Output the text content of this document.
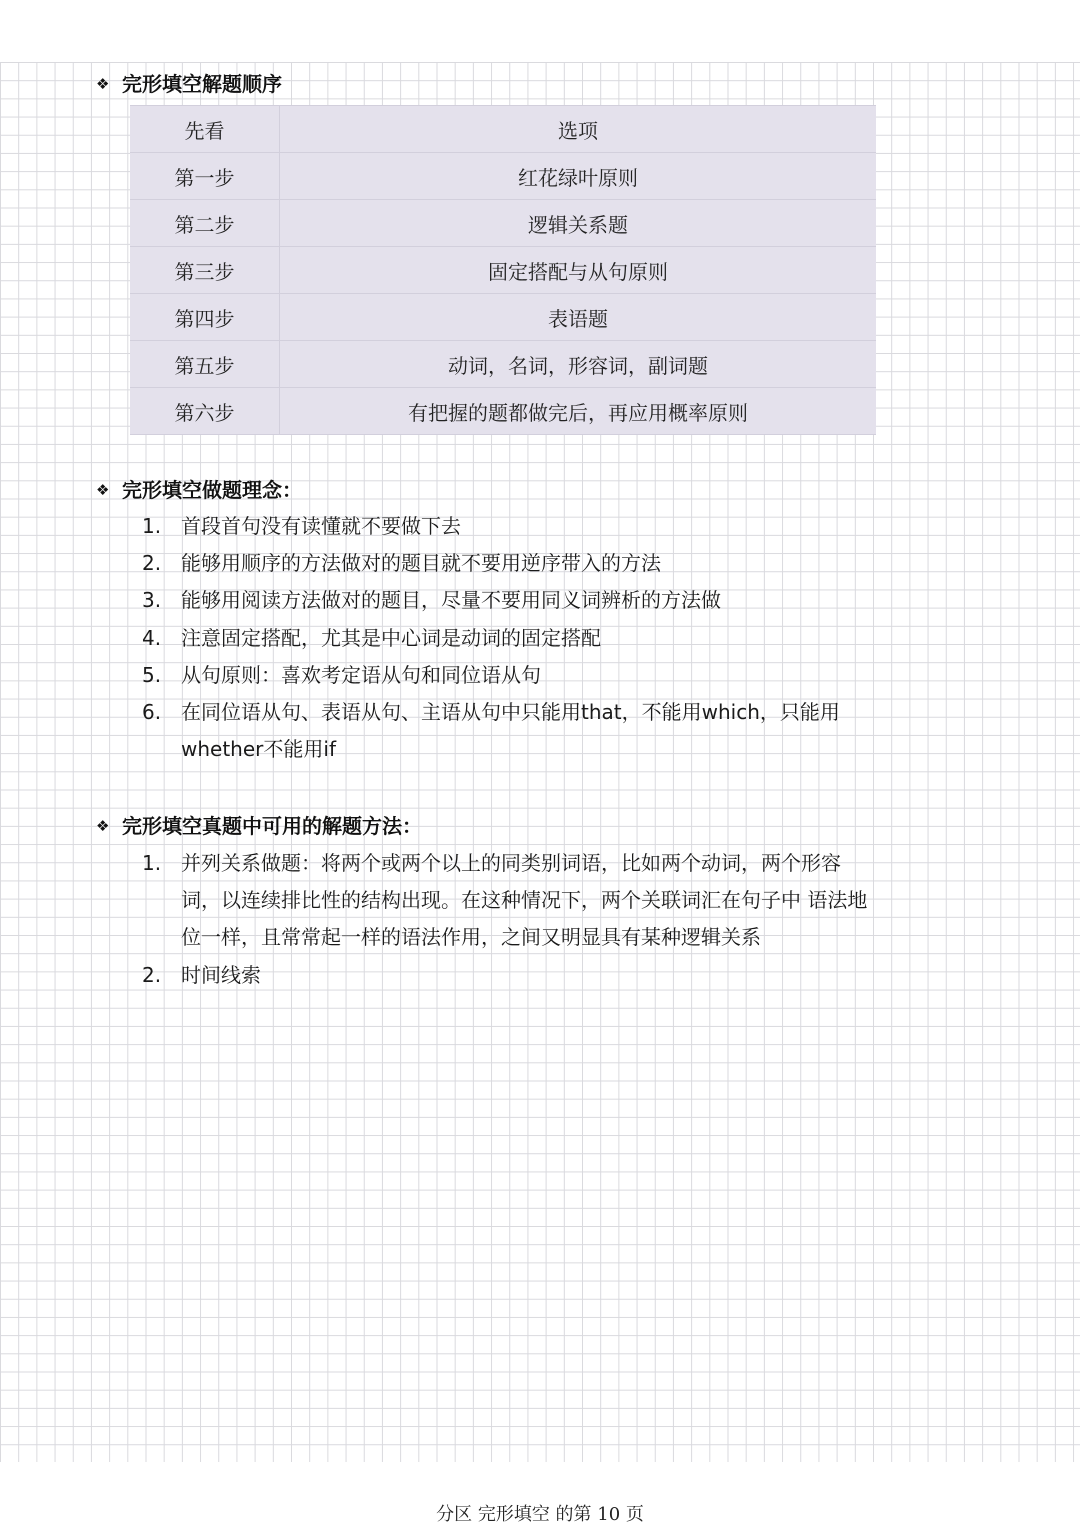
❖ 完形填空解题顺序
先看	选项
第一步	红花绿叶原则
第二步	逻辑关系题
第三步	固定搭配与从句原则
第四步	表语题
第五步	动词，名词，形容词，副词题
第六步	有把握的题都做完后，再应用概率原则
❖ 完形填空做题理念：
1. 首段首句没有读懂就不要做下去
2. 能够用顺序的方法做对的题目就不要用逆序带入的方法
3. 能够用阅读方法做对的题目，尽量不要用同义词辨析的方法做
4. 注意固定搭配，尤其是中心词是动词的固定搭配
5. 从句原则：喜欢考定语从句和同位语从句
6. 在同位语从句、表语从句、主语从句中只能用that，不能用which，只能用whether不能用if
❖ 完形填空真题中可用的解题方法：
1. 并列关系做题：将两个或两个以上的同类别词语，比如两个动词，两个形容词，以连续排比性的结构出现。在这种情况下，两个关联词汇在句子中 语法地位一样，且常常起一样的语法作用，之间又明显具有某种逻辑关系
2. 时间线索
分区 完形填空 的第 10 页
